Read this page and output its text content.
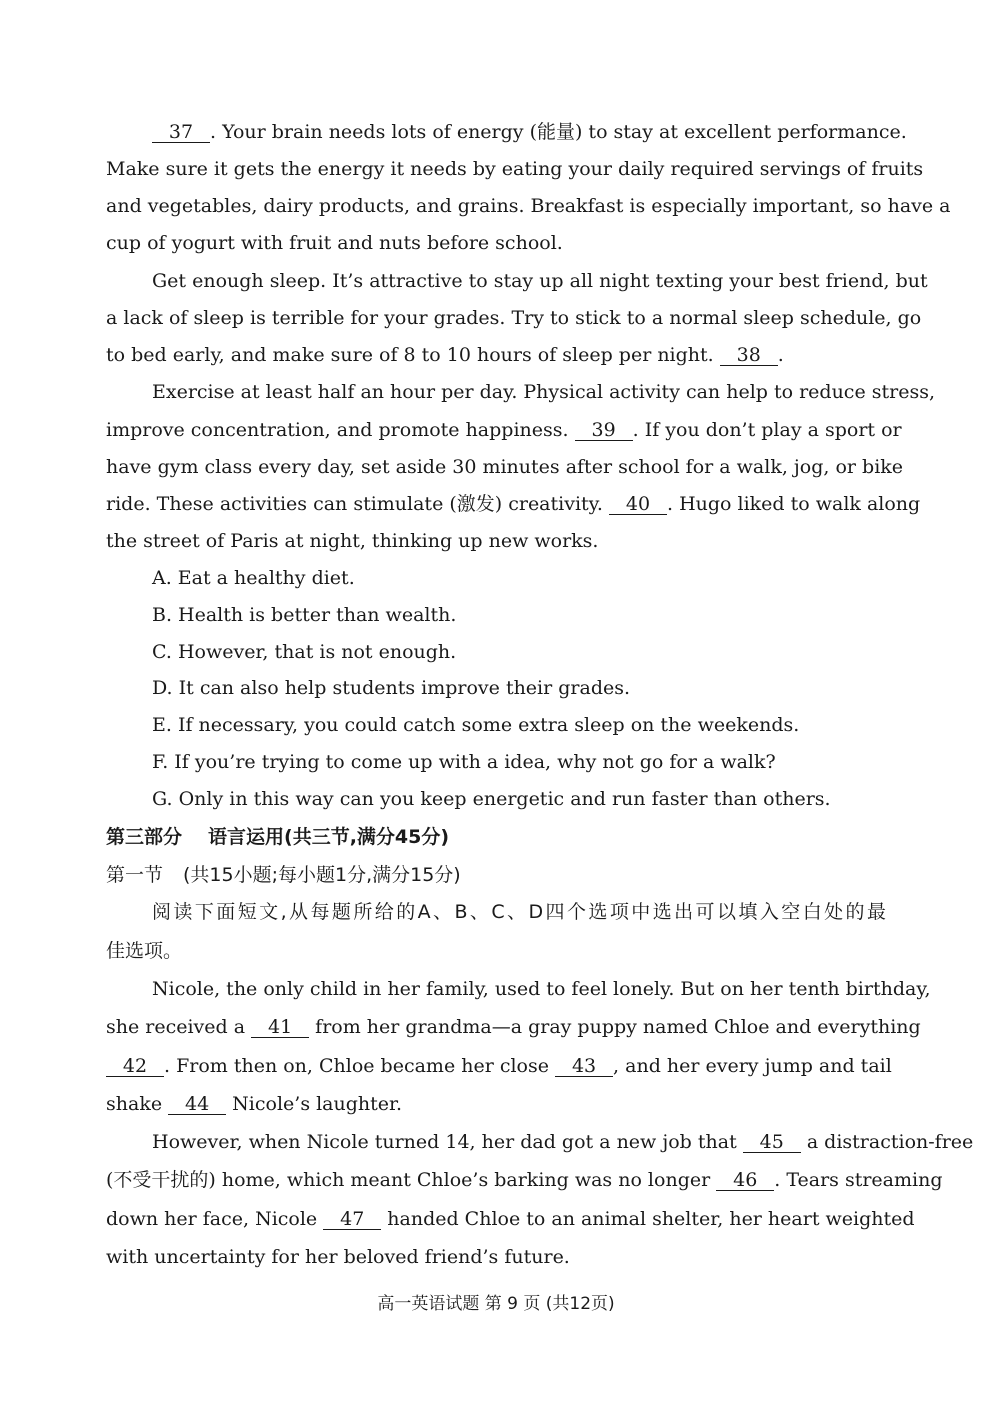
37 . Your brain needs lots of energy (能量) to stay at excellent performance.
Make sure it gets the energy it needs by eating your daily required servings of fruits
and vegetables, dairy products, and grains. Breakfast is especially important, so have a
cup of yogurt with fruit and nuts before school.
Get enough sleep. It’s attractive to stay up all night texting your best friend, but
a lack of sleep is terrible for your grades. Try to stick to a normal sleep schedule, go
to bed early, and make sure of 8 to 10 hours of sleep per night. 38 .
Exercise at least half an hour per day. Physical activity can help to reduce stress,
improve concentration, and promote happiness. 39 . If you don’t play a sport or
have gym class every day, set aside 30 minutes after school for a walk, jog, or bike
ride. These activities can stimulate (激发) creativity. 40 . Hugo liked to walk along
the street of Paris at night, thinking up new works.
A. Eat a healthy diet.
B. Health is better than wealth.
C. However, that is not enough.
D. It can also help students improve their grades.
E. If necessary, you could catch some extra sleep on the weekends.
F. If you’re trying to come up with a idea, why not go for a walk?
G. Only in this way can you keep energetic and run faster than others.
第三部分 语言运用(共三节,满分45分)
第一节 (共15小题;每小题1分,满分15分)
阅读下面短文,从每题所给的A、B、C、D四个选项中选出可以填入空白处的最
佳选项。
Nicole, the only child in her family, used to feel lonely. But on her tenth birthday,
she received a 41 from her grandma—a gray puppy named Chloe and everything
42 . From then on, Chloe became her close 43 , and her every jump and tail
shake 44 Nicole’s laughter.
However, when Nicole turned 14, her dad got a new job that 45 a distraction-free
(不受干扰的) home, which meant Chloe’s barking was no longer 46 . Tears streaming
down her face, Nicole 47 handed Chloe to an animal shelter, her heart weighted
with uncertainty for her beloved friend’s future.
高一英语试题 第 9 页 (共12页)
